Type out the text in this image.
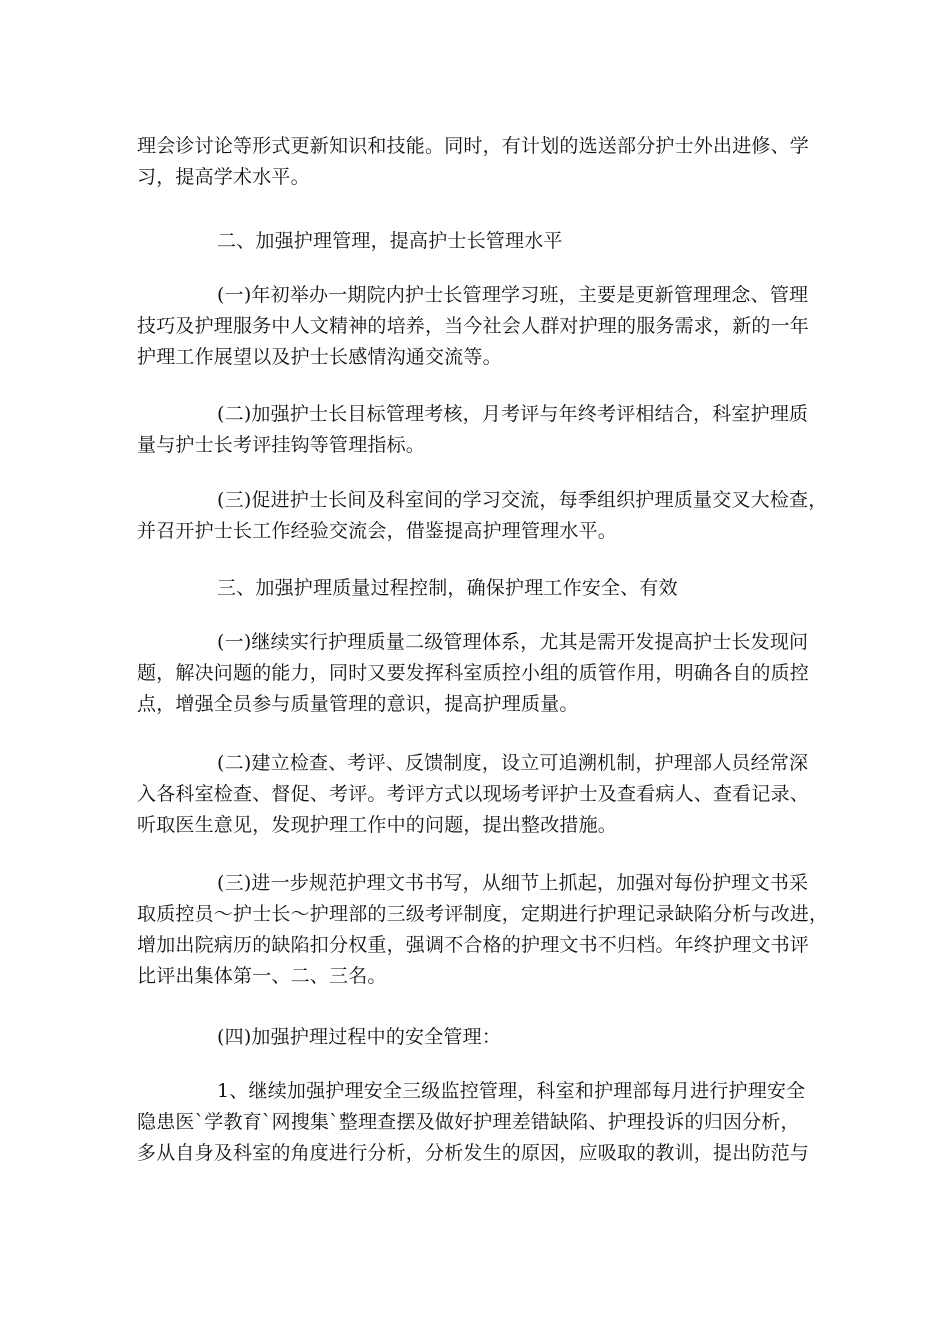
理会诊讨论等形式更新知识和技能。同时，有计划的选送部分护士外出进修、学
习，提高学术水平。

二、加强护理管理，提高护士长管理水平

(一)年初举办一期院内护士长管理学习班，主要是更新管理理念、管理
技巧及护理服务中人文精神的培养，当今社会人群对护理的服务需求，新的一年
护理工作展望以及护士长感情沟通交流等。

(二)加强护士长目标管理考核，月考评与年终考评相结合，科室护理质
量与护士长考评挂钩等管理指标。

(三)促进护士长间及科室间的学习交流，每季组织护理质量交叉大检查，
并召开护士长工作经验交流会，借鉴提高护理管理水平。

三、加强护理质量过程控制，确保护理工作安全、有效

(一)继续实行护理质量二级管理体系，尤其是需开发提高护士长发现问
题，解决问题的能力，同时又要发挥科室质控小组的质管作用，明确各自的质控
点，增强全员参与质量管理的意识，提高护理质量。

(二)建立检查、考评、反馈制度，设立可追溯机制，护理部人员经常深
入各科室检查、督促、考评。考评方式以现场考评护士及查看病人、查看记录、
听取医生意见，发现护理工作中的问题，提出整改措施。

(三)进一步规范护理文书书写，从细节上抓起，加强对每份护理文书采
取质控员～护士长～护理部的三级考评制度，定期进行护理记录缺陷分析与改进，
增加出院病历的缺陷扣分权重，强调不合格的护理文书不归档。年终护理文书评
比评出集体第一、二、三名。

(四)加强护理过程中的安全管理：

1、继续加强护理安全三级监控管理，科室和护理部每月进行护理安全
隐患医`学教育`网搜集`整理查摆及做好护理差错缺陷、护理投诉的归因分析，
多从自身及科室的角度进行分析，分析发生的原因，应吸取的教训，提出防范与
